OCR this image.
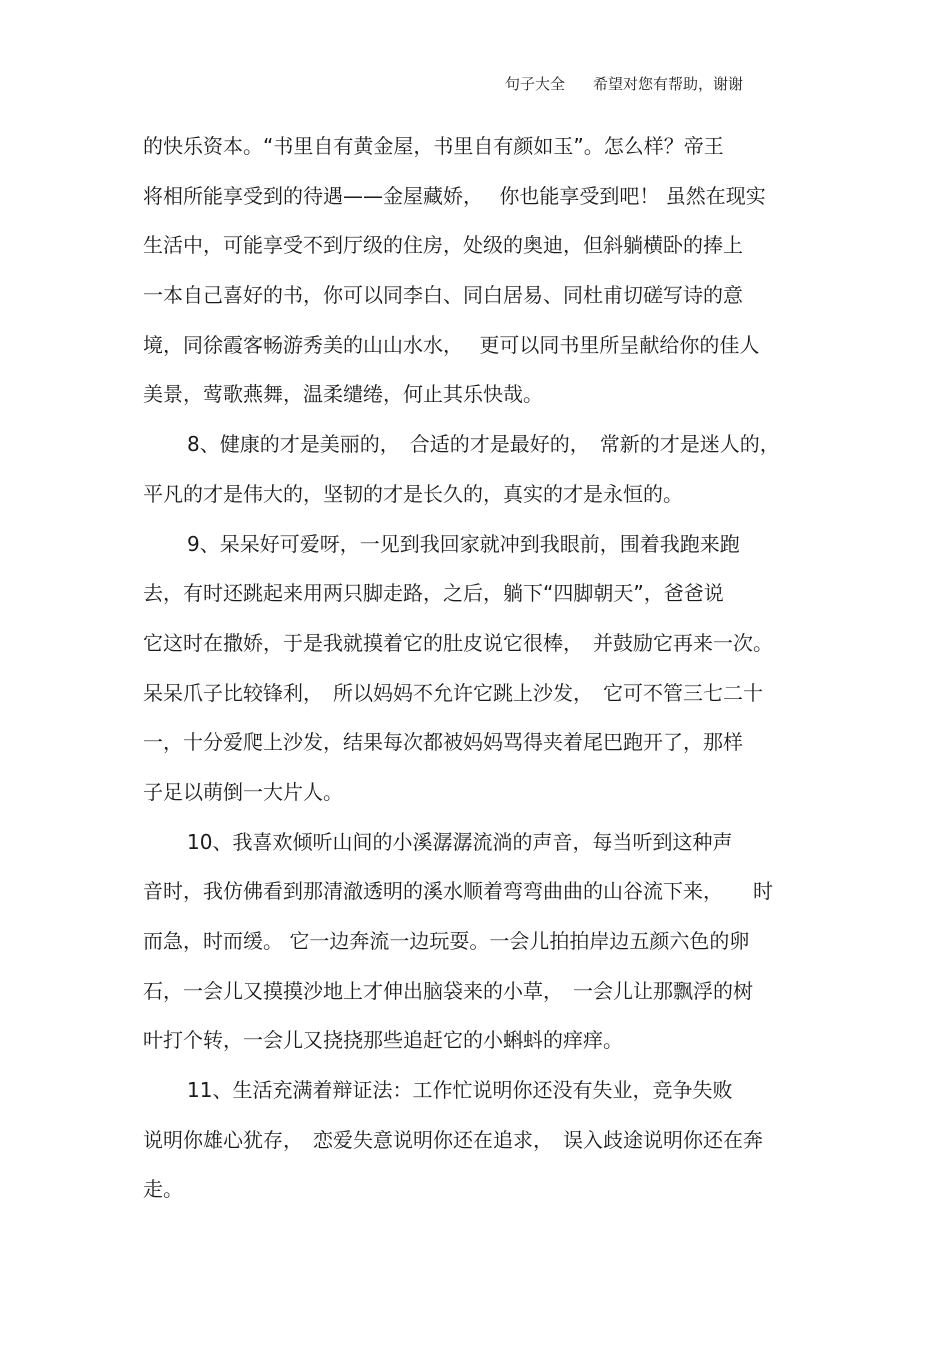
句子大全 希望对您有帮助，谢谢
的快乐资本。“书里自有黄金屋，书里自有颜如玉”。怎么样？帝王
将相所能享受到的待遇——金屋藏娇，　 你也能享受到吧！ 虽然在现实
生活中，可能享受不到厅级的住房，处级的奥迪，但斜躺横卧的捧上
一本自己喜好的书，你可以同李白、同白居易、同杜甫切磋写诗的意
境，同徐霞客畅游秀美的山山水水，　 更可以同书里所呈献给你的佳人
美景，莺歌燕舞，温柔缱绻，何止其乐快哉。
8、健康的才是美丽的，　合适的才是最好的，　常新的才是迷人的，
平凡的才是伟大的，坚韧的才是长久的，真实的才是永恒的。
9、呆呆好可爱呀，一见到我回家就冲到我眼前，围着我跑来跑
去，有时还跳起来用两只脚走路，之后，躺下“四脚朝天”，爸爸说
它这时在撒娇，于是我就摸着它的肚皮说它很棒，　并鼓励它再来一次。
呆呆爪子比较锋利，　所以妈妈不允许它跳上沙发，　它可不管三七二十
一，十分爱爬上沙发，结果每次都被妈妈骂得夹着尾巴跑开了，那样
子足以萌倒一大片人。
10、我喜欢倾听山间的小溪潺潺流淌的声音，每当听到这种声
音时，我仿佛看到那清澈透明的溪水顺着弯弯曲曲的山谷流下来，　　时
而急，时而缓。 它一边奔流一边玩耍。一会儿拍拍岸边五颜六色的卵
石，一会儿又摸摸沙地上才伸出脑袋来的小草，　一会儿让那飘浮的树
叶打个转，一会儿又挠挠那些追赶它的小蝌蚪的痒痒。
11、生活充满着辩证法：工作忙说明你还没有失业，竞争失败
说明你雄心犹存，　恋爱失意说明你还在追求，　误入歧途说明你还在奔
走。
